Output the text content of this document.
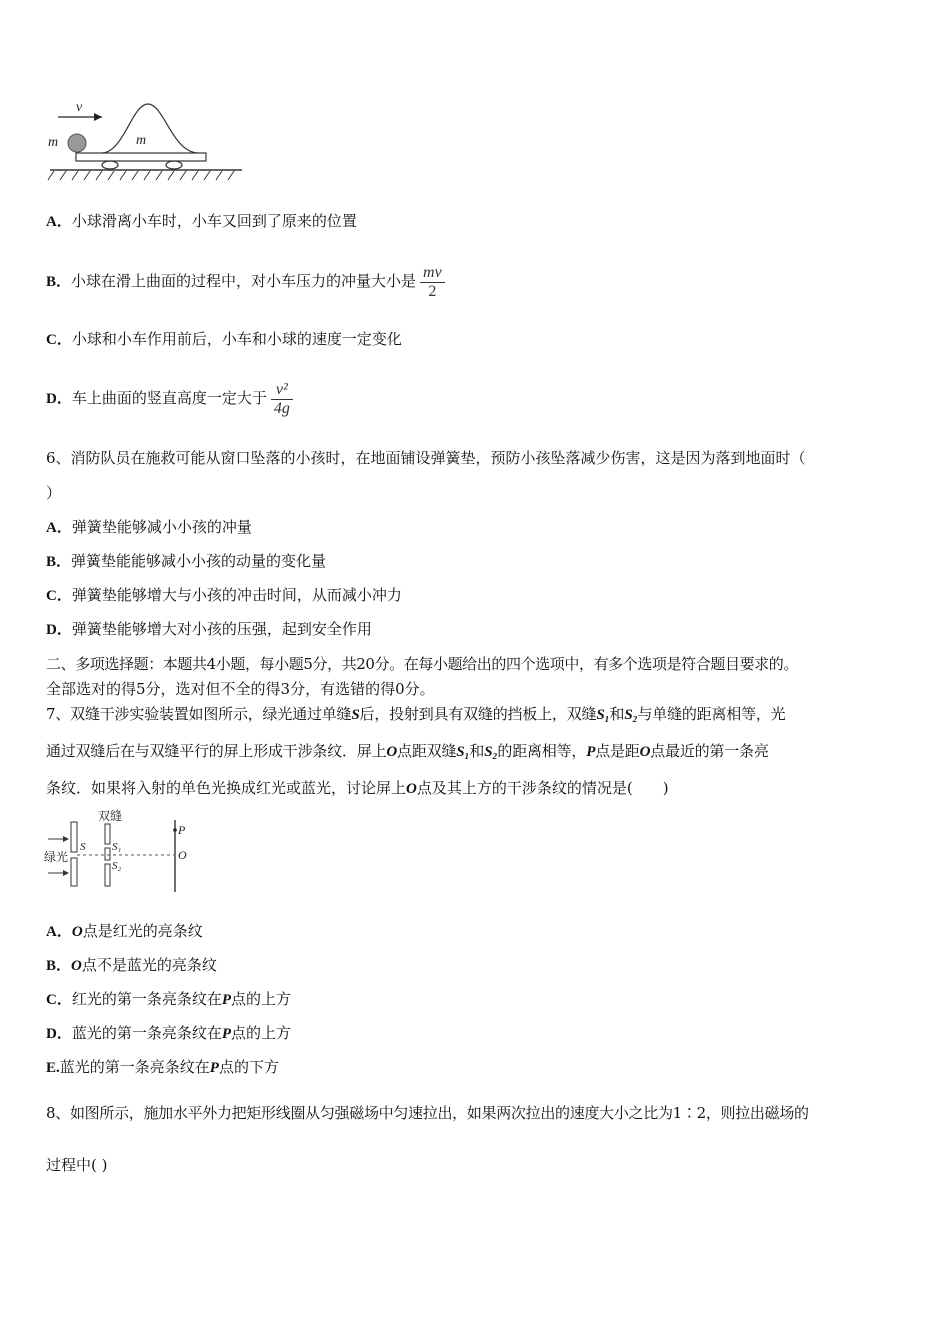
v
m	m
A．小球滑离小车时，小车又回到了原来的位置
B．小球在滑上曲面的过程中，对小车压力的冲量大小是 $\frac{mv}{2}$
C．小球和小车作用前后，小车和小球的速度一定变化
D．车上曲面的竖直高度一定大于 $\frac{\text{v²}}{4g}$
6、消防队员在施救可能从窗口坠落的小孩时，在地面铺设弹簧垫，预防小孩坠落减少伤害，这是因为落到地面时（
）
A．弹簧垫能够减小小孩的冲量
B．弹簧垫能能够减小小孩的动量的变化量
C．弹簧垫能够增大与小孩的冲击时间，从而减小冲力
D．弹簧垫能够增大对小孩的压强，起到安全作用
二、多项选择题：本题共4小题，每小题5分，共20分。在每小题给出的四个选项中，有多个选项是符合题目要求的。
全部选对的得5分，选对但不全的得3分，有选错的得0分。
7、双缝干涉实验装置如图所示，绿光通过单缝S后，投射到具有双缝的挡板上，双缝S₁和S₂与单缝的距离相等，光
通过双缝后在与双缝平行的屏上形成干涉条纹．屏上O点距双缝S₁和S₂的距离相等，P点是距O点最近的第一条亮
条纹．如果将入射的单色光换成红光或蓝光，讨论屏上O点及其上方的干涉条纹的情况是(　　)
双缝
S
绿光
S₁
S₂
P
O
A．O点是红光的亮条纹
B．O点不是蓝光的亮条纹
C．红光的第一条亮条纹在P点的上方
D．蓝光的第一条亮条纹在P点的上方
E.蓝光的第一条亮条纹在P点的下方
8、如图所示，施加水平外力把矩形线圈从匀强磁场中匀速拉出，如果两次拉出的速度大小之比为1∶2，则拉出磁场的
过程中( )
